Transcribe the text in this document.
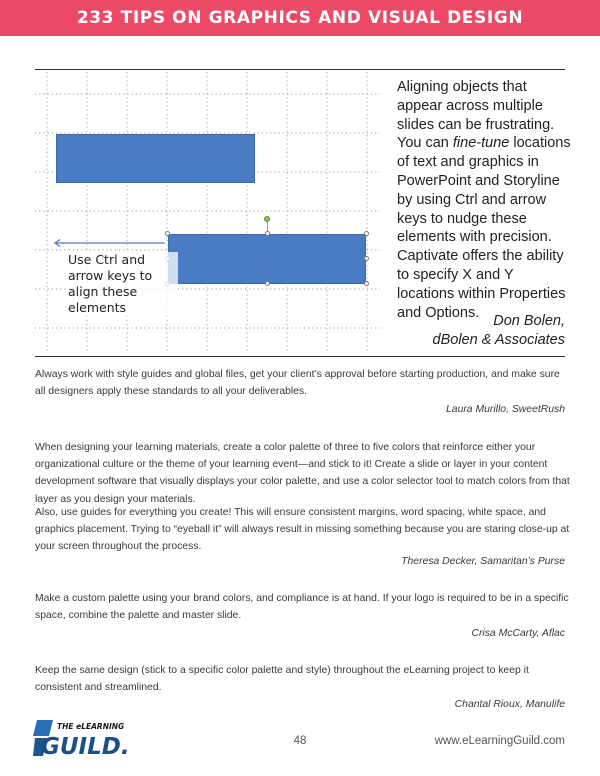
233 TIPS ON GRAPHICS AND VISUAL DESIGN
Use Ctrl and arrow keys to align these elements
Aligning objects that appear across multiple slides can be frustrating. You can fine-tune locations of text and graphics in PowerPoint and Storyline by using Ctrl and arrow keys to nudge these elements with precision. Captivate offers the ability to specify X and Y locations within Properties and Options.
Don Bolen,
dBolen & Associates

Always work with style guides and global files, get your client’s approval before starting production, and make sure all designers apply these standards to all your deliverables.

Laura Murillo, SweetRush

When designing your learning materials, create a color palette of three to five colors that reinforce either your organizational culture or the theme of your learning event—and stick to it! Create a slide or layer in your content development software that visually displays your color palette, and use a color selector tool to match colors from that layer as you design your materials.

Also, use guides for everything you create! This will ensure consistent margins, word spacing, white space, and graphics placement. Trying to “eyeball it” will always result in missing something because you are staring close-up at your screen throughout the process.

Theresa Decker, Samaritan’s Purse

Make a custom palette using your brand colors, and compliance is at hand. If your logo is required to be in a specific space, combine the palette and master slide.

Crisa McCarty, Aflac

Keep the same design (stick to a specific color palette and style) throughout the eLearning project to keep it consistent and streamlined.

Chantal Rioux, Manulife
THE eLEARNING
GUILD.	48	www.eLearningGuild.com
